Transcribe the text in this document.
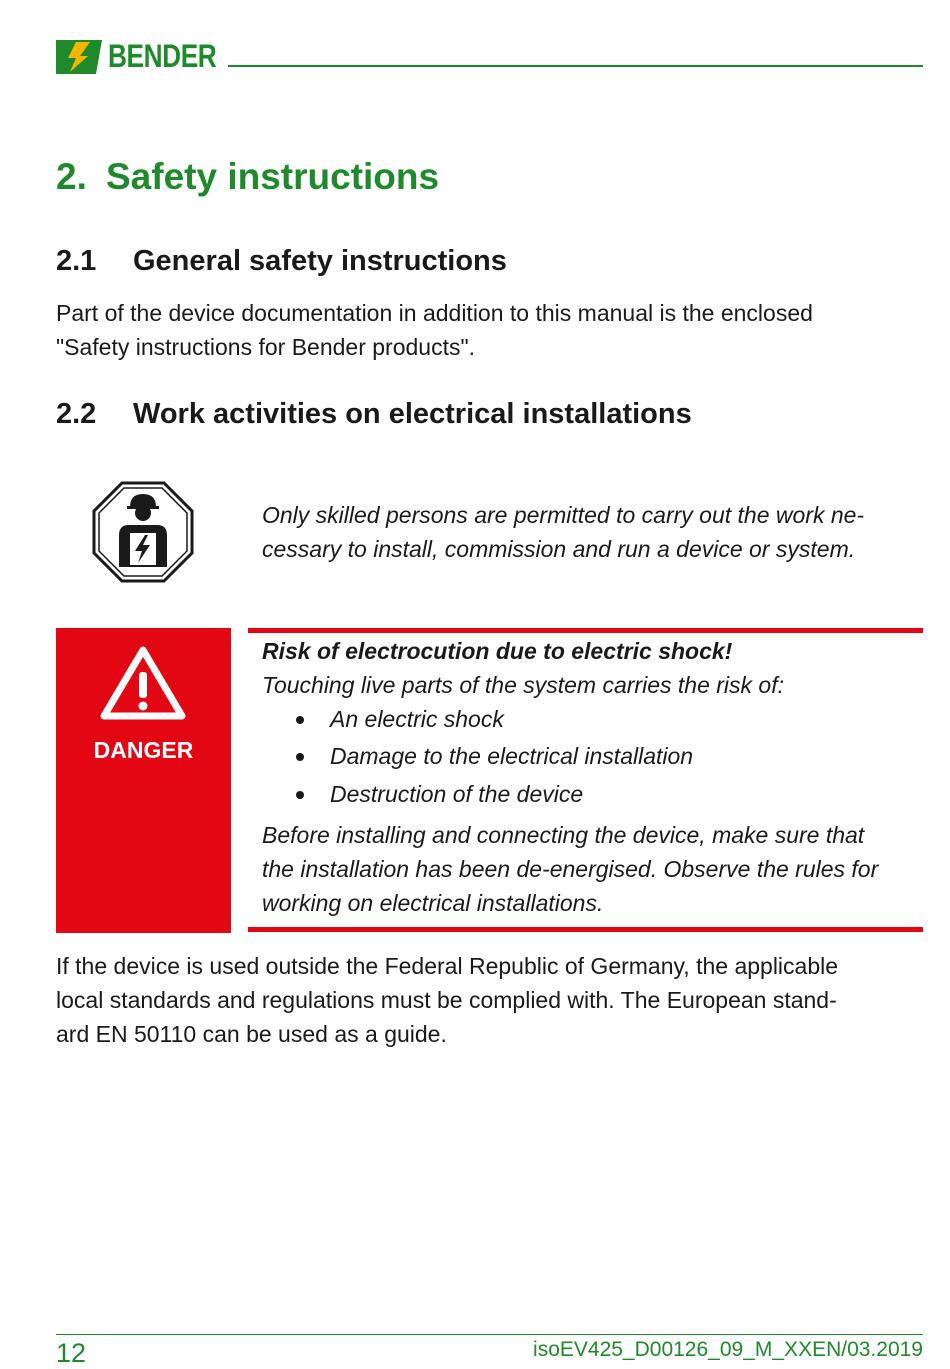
BENDER
2. Safety instructions
2.1 General safety instructions
Part of the device documentation in addition to this manual is the enclosed
"Safety instructions for Bender products".
2.2 Work activities on electrical installations
Only skilled persons are permitted to carry out the work ne-
cessary to install, commission and run a device or system.
DANGER
Risk of electrocution due to electric shock!
Touching live parts of the system carries the risk of:
An electric shock
Damage to the electrical installation
Destruction of the device
Before installing and connecting the device, make sure that
the installation has been de-energised. Observe the rules for
working on electrical installations.
If the device is used outside the Federal Republic of Germany, the applicable
local standards and regulations must be complied with. The European stand-
ard EN 50110 can be used as a guide.
12	isoEV425_D00126_09_M_XXEN/03.2019
